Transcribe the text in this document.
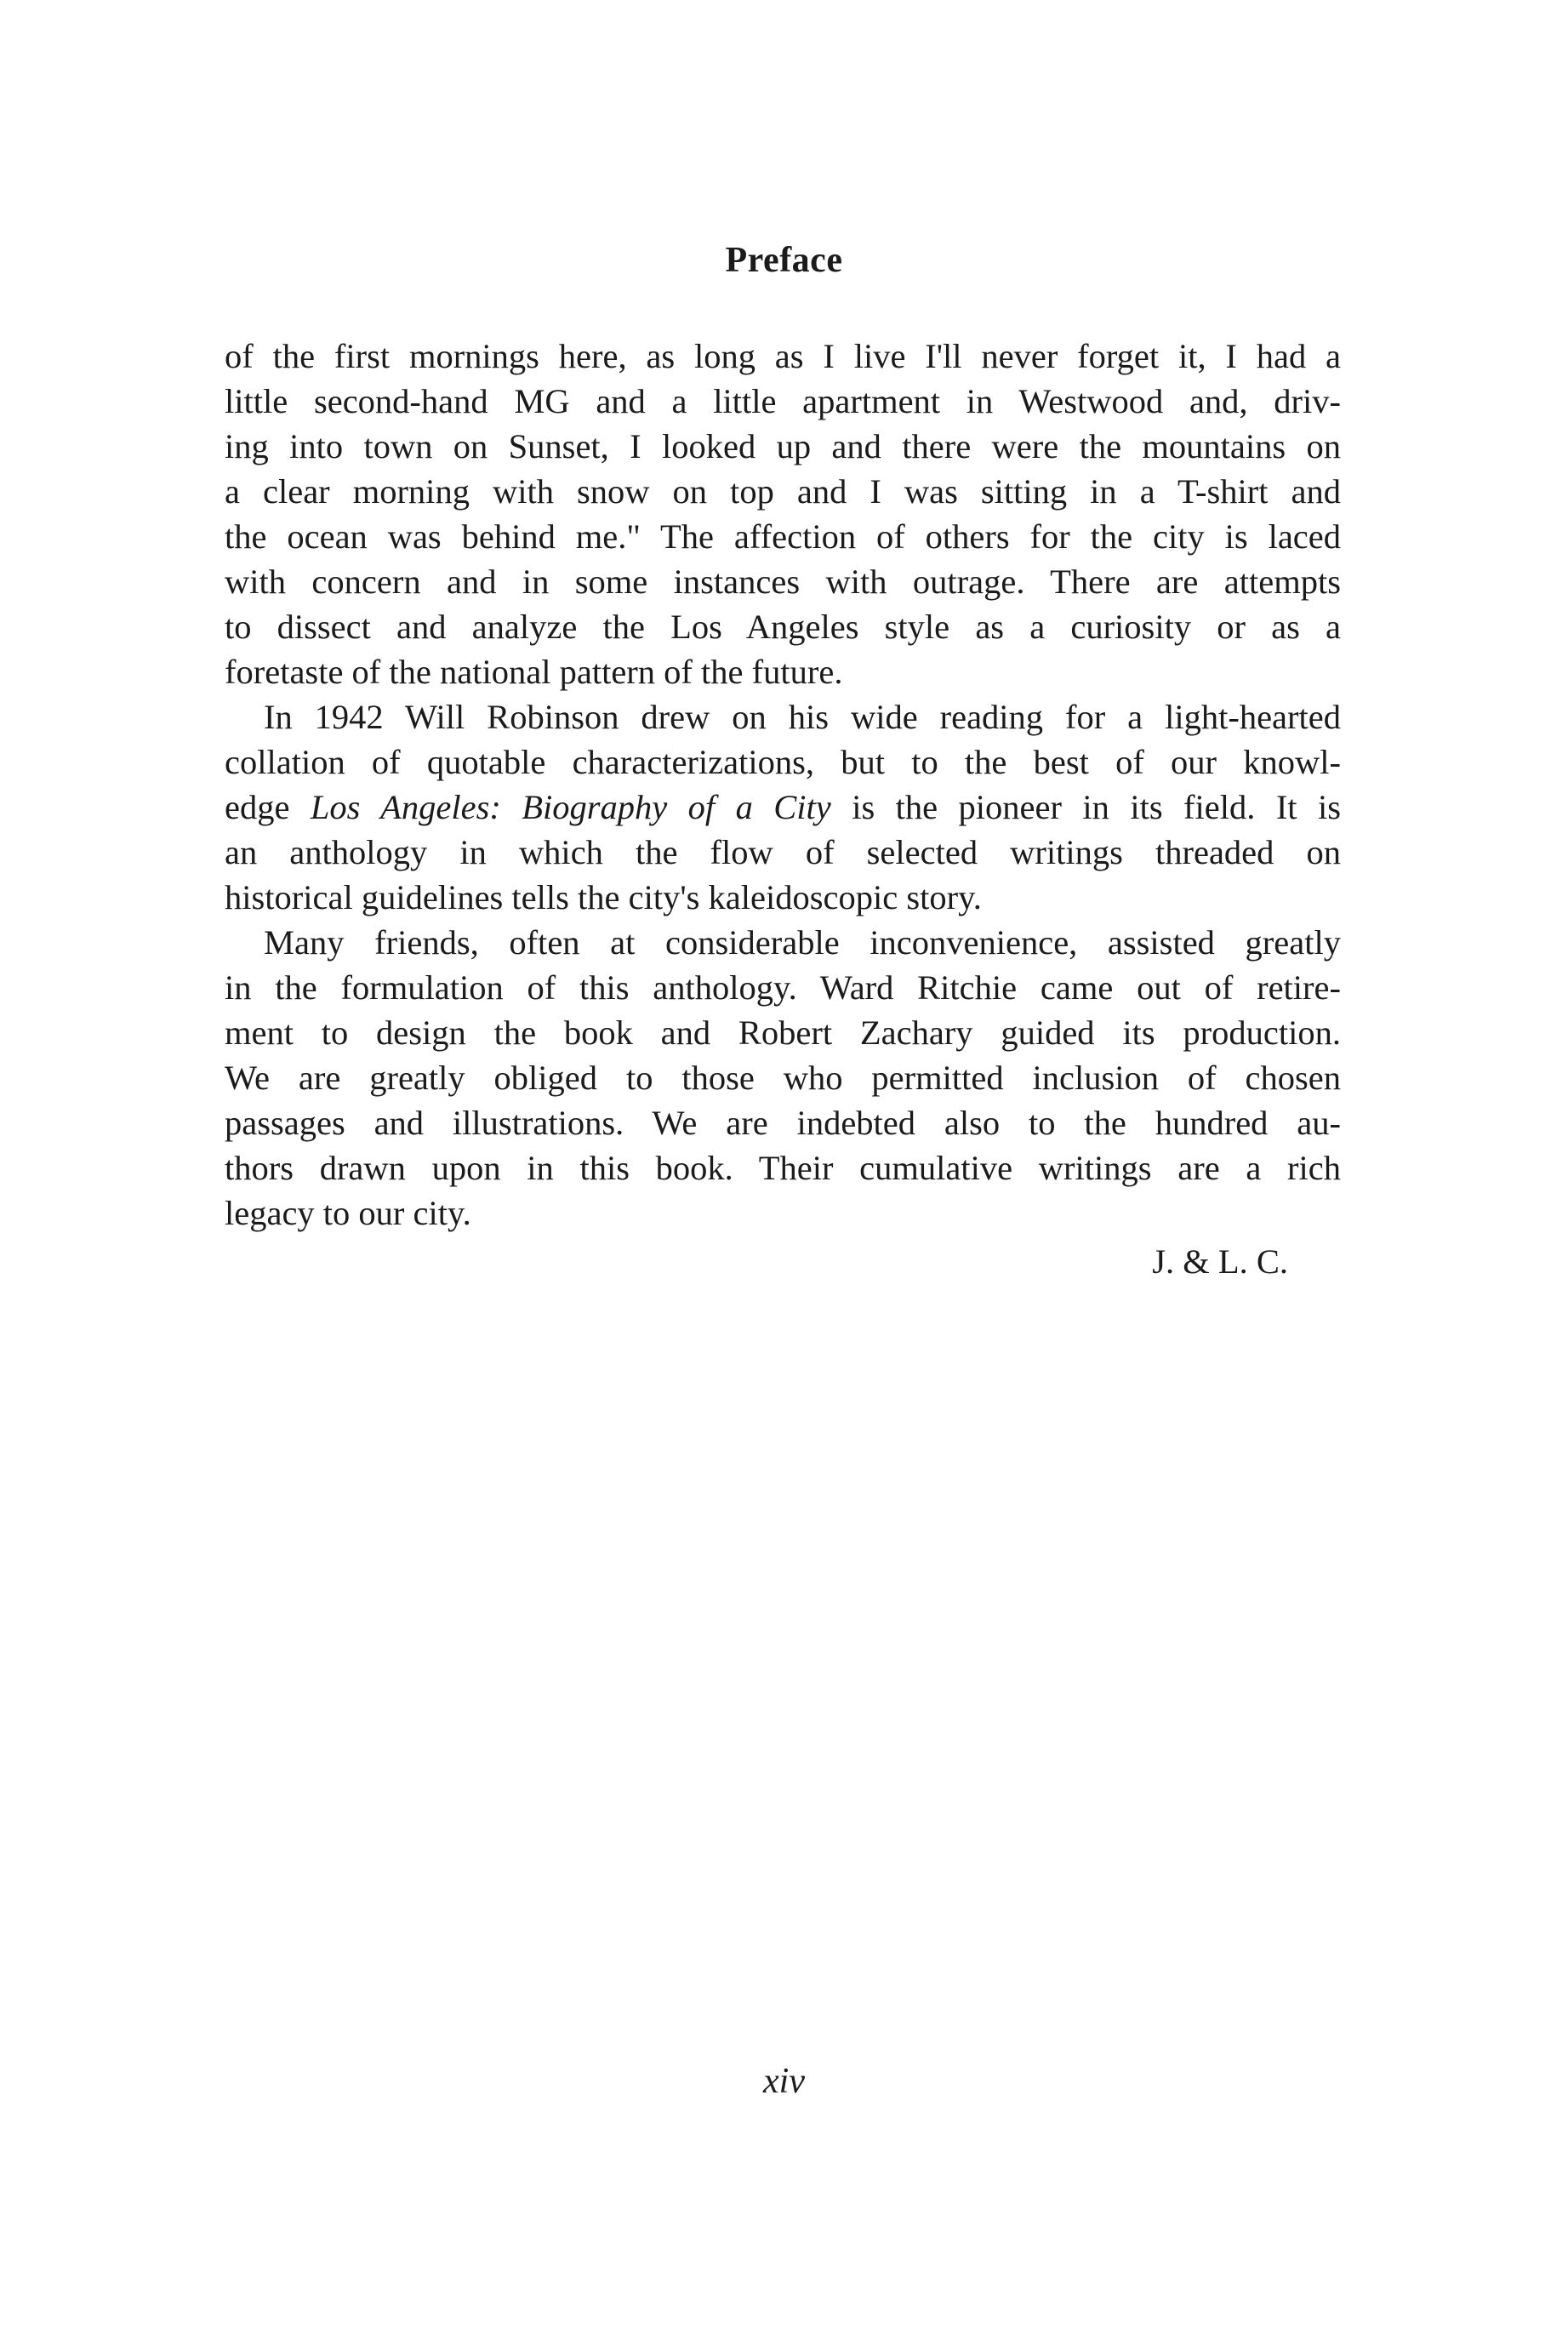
Preface

of the first mornings here, as long as I live I'll never forget it, I had a
little second-hand MG and a little apartment in Westwood and, driv-
ing into town on Sunset, I looked up and there were the mountains on
a clear morning with snow on top and I was sitting in a T-shirt and
the ocean was behind me." The affection of others for the city is laced
with concern and in some instances with outrage. There are attempts
to dissect and analyze the Los Angeles style as a curiosity or as a
foretaste of the national pattern of the future.

In 1942 Will Robinson drew on his wide reading for a light-hearted
collation of quotable characterizations, but to the best of our knowl-
edge Los Angeles: Biography of a City is the pioneer in its field. It is
an anthology in which the flow of selected writings threaded on
historical guidelines tells the city's kaleidoscopic story.

Many friends, often at considerable inconvenience, assisted greatly
in the formulation of this anthology. Ward Ritchie came out of retire-
ment to design the book and Robert Zachary guided its production.
We are greatly obliged to those who permitted inclusion of chosen
passages and illustrations. We are indebted also to the hundred au-
thors drawn upon in this book. Their cumulative writings are a rich
legacy to our city.

J. & L. C.
xiv
